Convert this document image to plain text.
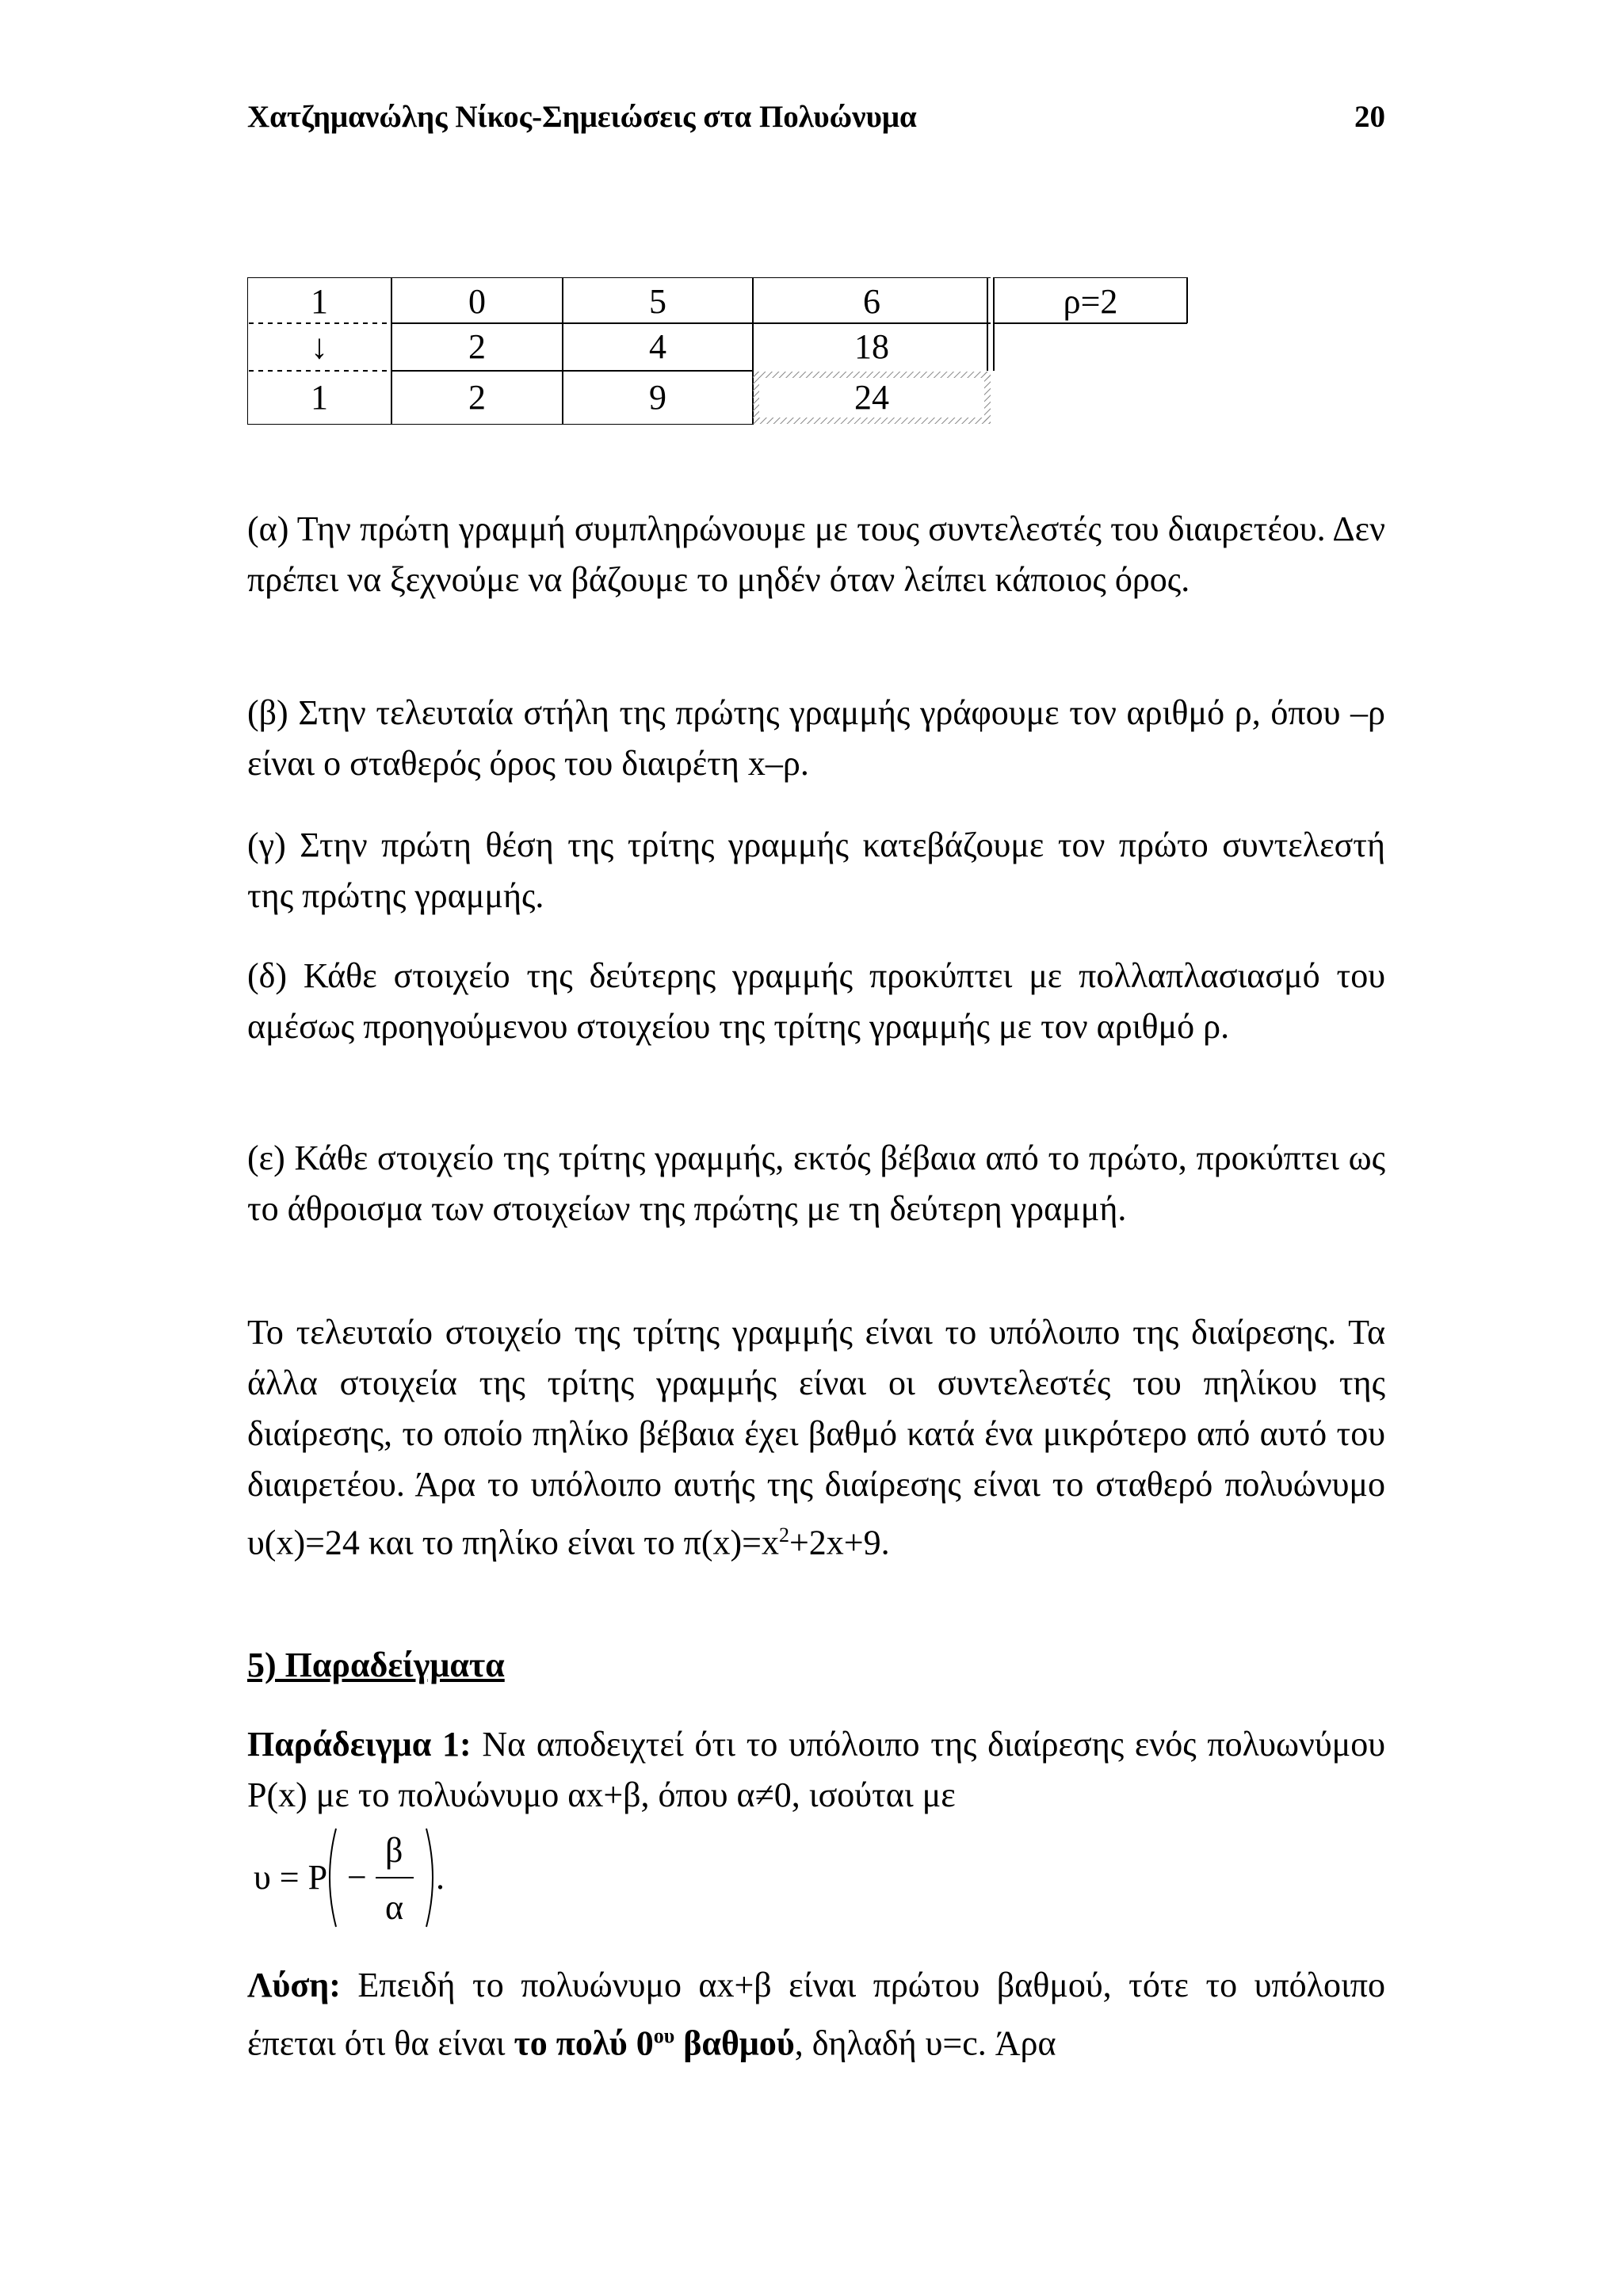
Χατζημανώλης Νίκος-Σημειώσεις στα Πολυώνυμα	20
1	0	5	6	ρ=2
↓	2	4	18
1	2	9	24

(α) Την πρώτη γραμμή συμπληρώνουμε με τους συντελεστές του διαιρετέου. Δεν πρέπει να ξεχνούμε να βάζουμε το μηδέν όταν λείπει κάποιος όρος.

(β) Στην τελευταία στήλη της πρώτης γραμμής γράφουμε τον αριθμό ρ, όπου –ρ είναι ο σταθερός όρος του διαιρέτη x–ρ.

(γ) Στην πρώτη θέση της τρίτης γραμμής κατεβάζουμε τον πρώτο συντελεστή της πρώτης γραμμής.

(δ) Κάθε στοιχείο της δεύτερης γραμμής προκύπτει με πολλαπλασιασμό του αμέσως προηγούμενου στοιχείου της τρίτης γραμμής με τον αριθμό ρ.

(ε) Κάθε στοιχείο της τρίτης γραμμής, εκτός βέβαια από το πρώτο, προκύπτει ως το άθροισμα των στοιχείων της πρώτης με τη δεύτερη γραμμή.

Το τελευταίο στοιχείο της τρίτης γραμμής είναι το υπόλοιπο της διαίρεσης. Τα άλλα στοιχεία της τρίτης γραμμής είναι οι συντελεστές του πηλίκου της διαίρεσης, το οποίο πηλίκο βέβαια έχει βαθμό κατά ένα μικρότερο από αυτό του διαιρετέου. Άρα το υπόλοιπο αυτής της διαίρεσης είναι το σταθερό πολυώνυμο υ(x)=24 και το πηλίκο είναι το $\pi(x)=x^2+2x+9$.

5) Παραδείγματα

Παράδειγμα 1: Να αποδειχτεί ότι το υπόλοιπο της διαίρεσης ενός πολυωνύμου P(x) με το πολυώνυμο αx+β, όπου α≠0, ισούται με

υ = P −
β
α
.

Λύση: Επειδή το πολυώνυμο αx+β είναι πρώτου βαθμού, τότε το υπόλοιπο έπεται ότι θα είναι το πολύ $0^{o\upsilon}$ βαθμού, δηλαδή υ=c. Άρα
